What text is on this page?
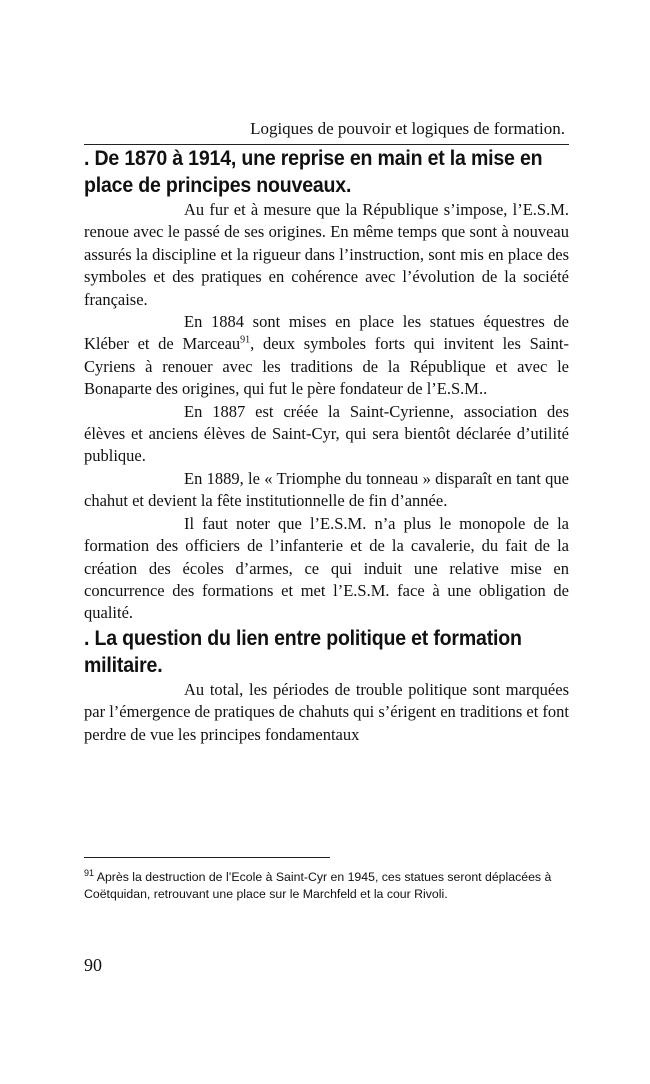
Logiques de pouvoir et logiques de formation.
. De 1870 à 1914, une reprise en main et la mise en place de principes nouveaux.

Au fur et à mesure que la République s’impose, l’E.S.M. renoue avec le passé de ses origines. En même temps que sont à nouveau assurés la discipline et la rigueur dans l’instruction, sont mis en place des symboles et des pratiques en cohérence avec l’évolution de la société française.

En 1884 sont mises en place les statues équestres de Kléber et de Marceau$^{91}$, deux symboles forts qui invitent les Saint-Cyriens à renouer avec les traditions de la République et avec le Bonaparte des origines, qui fut le père fondateur de l’E.S.M..

En 1887 est créée la Saint-Cyrienne, association des élèves et anciens élèves de Saint-Cyr, qui sera bientôt déclarée d’utilité publique.

En 1889, le « Triomphe du tonneau » disparaît en tant que chahut et devient la fête institutionnelle de fin d’année.

Il faut noter que l’E.S.M. n’a plus le monopole de la formation des officiers de l’infanterie et de la cavalerie, du fait de la création des écoles d’armes, ce qui induit une relative mise en concurrence des formations et met l’E.S.M. face à une obligation de qualité.

. La question du lien entre politique et formation militaire.

Au total, les périodes de trouble politique sont marquées par l’émergence de pratiques de chahuts qui s’érigent en traditions et font perdre de vue les principes fondamentaux

$^{91}$ Après la destruction de l’Ecole à Saint-Cyr en 1945, ces statues seront déplacées à Coëtquidan, retrouvant une place sur le Marchfeld et la cour Rivoli.
90
